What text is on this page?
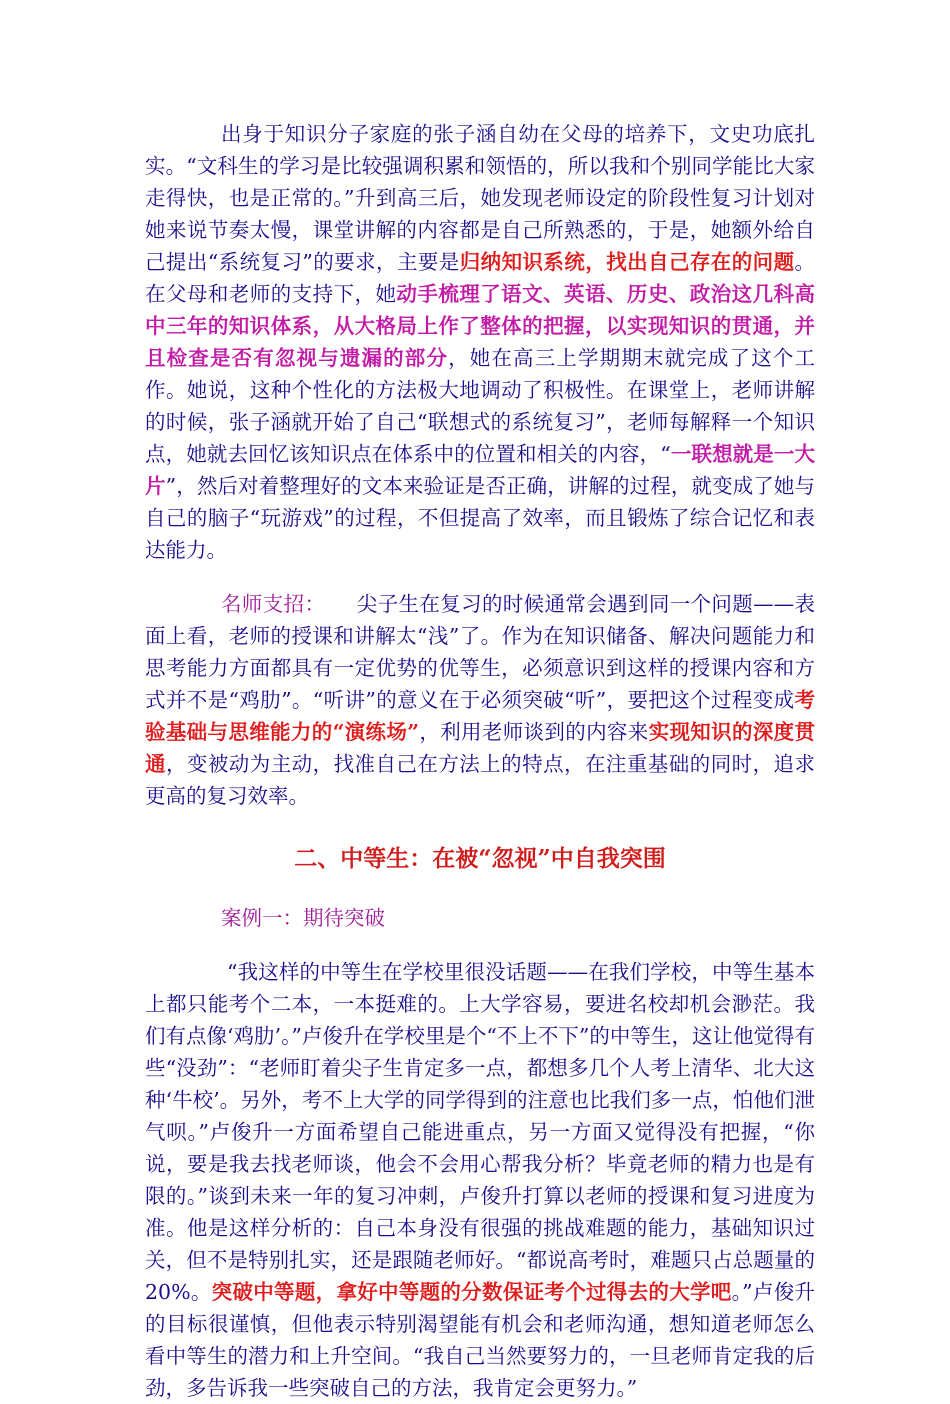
出身于知识分子家庭的张子涵自幼在父母的培养下，文史功底扎实。“文科生的学习是比较强调积累和领悟的，所以我和个别同学能比大家走得快，也是正常的。”升到高三后，她发现老师设定的阶段性复习计划对她来说节奏太慢，课堂讲解的内容都是自己所熟悉的，于是，她额外给自己提出“系统复习”的要求，主要是归纳知识系统，找出自己存在的问题。在父母和老师的支持下，她动手梳理了语文、英语、历史、政治这几科高中三年的知识体系，从大格局上作了整体的把握，以实现知识的贯通，并且检查是否有忽视与遗漏的部分，她在高三上学期期末就完成了这个工作。她说，这种个性化的方法极大地调动了积极性。在课堂上，老师讲解的时候，张子涵就开始了自己“联想式的系统复习”，老师每解释一个知识点，她就去回忆该知识点在体系中的位置和相关的内容，“一联想就是一大片”，然后对着整理好的文本来验证是否正确，讲解的过程，就变成了她与自己的脑子“玩游戏”的过程，不但提高了效率，而且锻炼了综合记忆和表达能力。

名师支招：　　尖子生在复习的时候通常会遇到同一个问题——表面上看，老师的授课和讲解太“浅”了。作为在知识储备、解决问题能力和思考能力方面都具有一定优势的优等生，必须意识到这样的授课内容和方式并不是“鸡肋”。“听讲”的意义在于必须突破“听”，要把这个过程变成考验基础与思维能力的“演练场”，利用老师谈到的内容来实现知识的深度贯通，变被动为主动，找准自己在方法上的特点，在注重基础的同时，追求更高的复习效率。

二、中等生：在被“忽视”中自我突围

案例一：期待突破

“我这样的中等生在学校里很没话题——在我们学校，中等生基本上都只能考个二本，一本挺难的。上大学容易，要进名校却机会渺茫。我们有点像‘鸡肋’。”卢俊升在学校里是个“不上不下”的中等生，这让他觉得有些“没劲”：“老师盯着尖子生肯定多一点，都想多几个人考上清华、北大这种‘牛校’。另外，考不上大学的同学得到的注意也比我们多一点，怕他们泄气呗。”卢俊升一方面希望自己能进重点，另一方面又觉得没有把握，“你说，要是我去找老师谈，他会不会用心帮我分析？毕竟老师的精力也是有限的。”谈到未来一年的复习冲刺，卢俊升打算以老师的授课和复习进度为准。他是这样分析的：自己本身没有很强的挑战难题的能力，基础知识过关，但不是特别扎实，还是跟随老师好。“都说高考时，难题只占总题量的20%。突破中等题，拿好中等题的分数保证考个过得去的大学吧。”卢俊升的目标很谨慎，但他表示特别渴望能有机会和老师沟通，想知道老师怎么看中等生的潜力和上升空间。“我自己当然要努力的，一旦老师肯定我的后劲，多告诉我一些突破自己的方法，我肯定会更努力。”
